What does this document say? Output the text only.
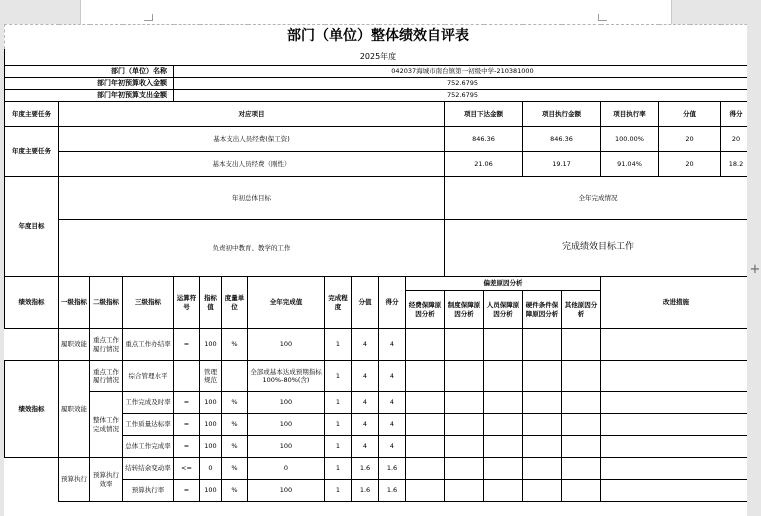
部门（单位）整体绩效自评表																		
2025年度																		
部门（单位）名称				042037海城市南台镇第一初级中学-210381000														
部门年初预算收入金额				752.6795														
部门年初预算支出金额				752.6795														
年度主要任务	对应项目											项目下达金额		项目执行金额		项目执行率	分值	得分
年度主要任务	基本支出人员经费(保工资)											846.36		846.36		100.00%	20	20
	基本支出人员经费（刚性）											21.06		19.17		91.04%	20	18.2
年度目标	年初总体目标											全年完成情况						
	负责初中教育、教学的工作											完成绩效目标工作						
绩效指标	一级指标	二级指标	三级指标	运算符号	指标值	度量单位	全年完成值	完成程度	分值	得分	偏差原因分析					改进措施		
											经费保障原因分析	制度保障原因分析	人员保障原因分析	硬件条件保障原因分析	其他原因分析			
	履职效能	重点工作履行情况	重点工作办结率	=	100	%	100	1	4	4								
绩效指标	履职效能	重点工作履行情况	综合管理水平		管理规范		全部或基本达成预期指标 100%-80%(含)	1	4	4								
		整体工作完成情况	工作完成及时率	=	100	%	100	1	4	4								
			工作质量达标率	=	100	%	100	1	4	4								
			总体工作完成率	=	100	%	100	1	4	4								
	预算执行	预算执行效率	结转结余变动率	<=	0	%	0	1	1.6	1.6								
			预算执行率	=	100	%	100	1	1.6	1.6								
+
